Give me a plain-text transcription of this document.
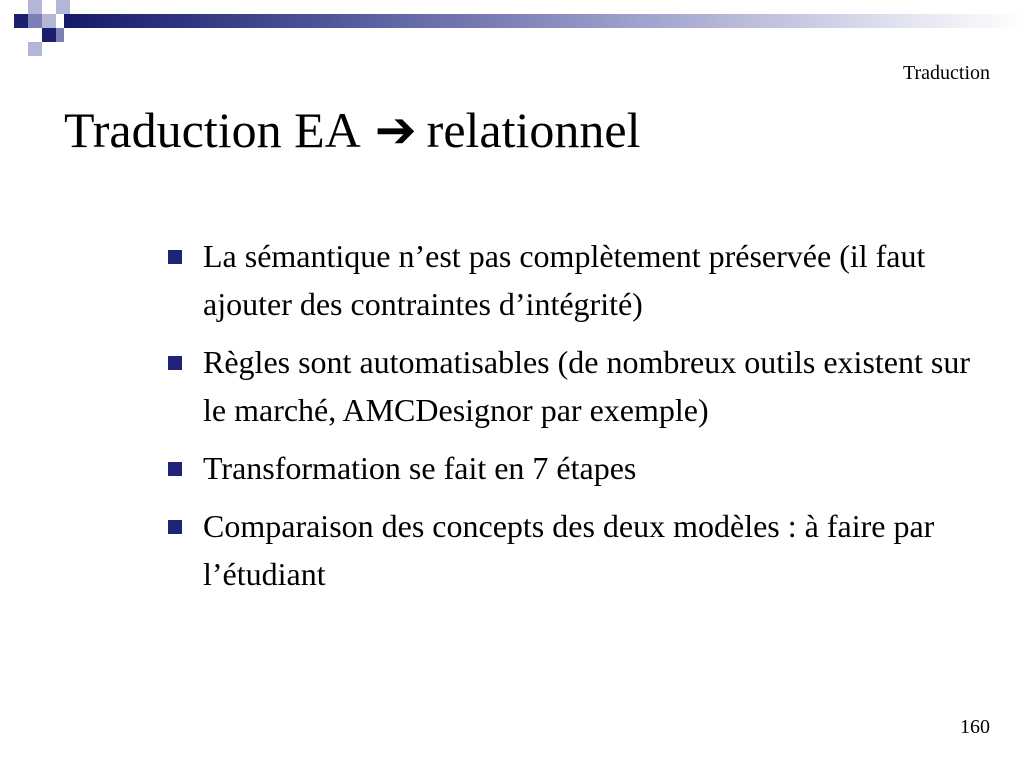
Traduction
Traduction EA ➔ relationnel
La sémantique n’est pas complètement préservée (il faut ajouter des contraintes d’intégrité)
Règles sont automatisables (de nombreux outils existent sur le marché, AMCDesignor par exemple)
Transformation se fait en 7 étapes
Comparaison des concepts des deux modèles : à faire par l’étudiant
160
